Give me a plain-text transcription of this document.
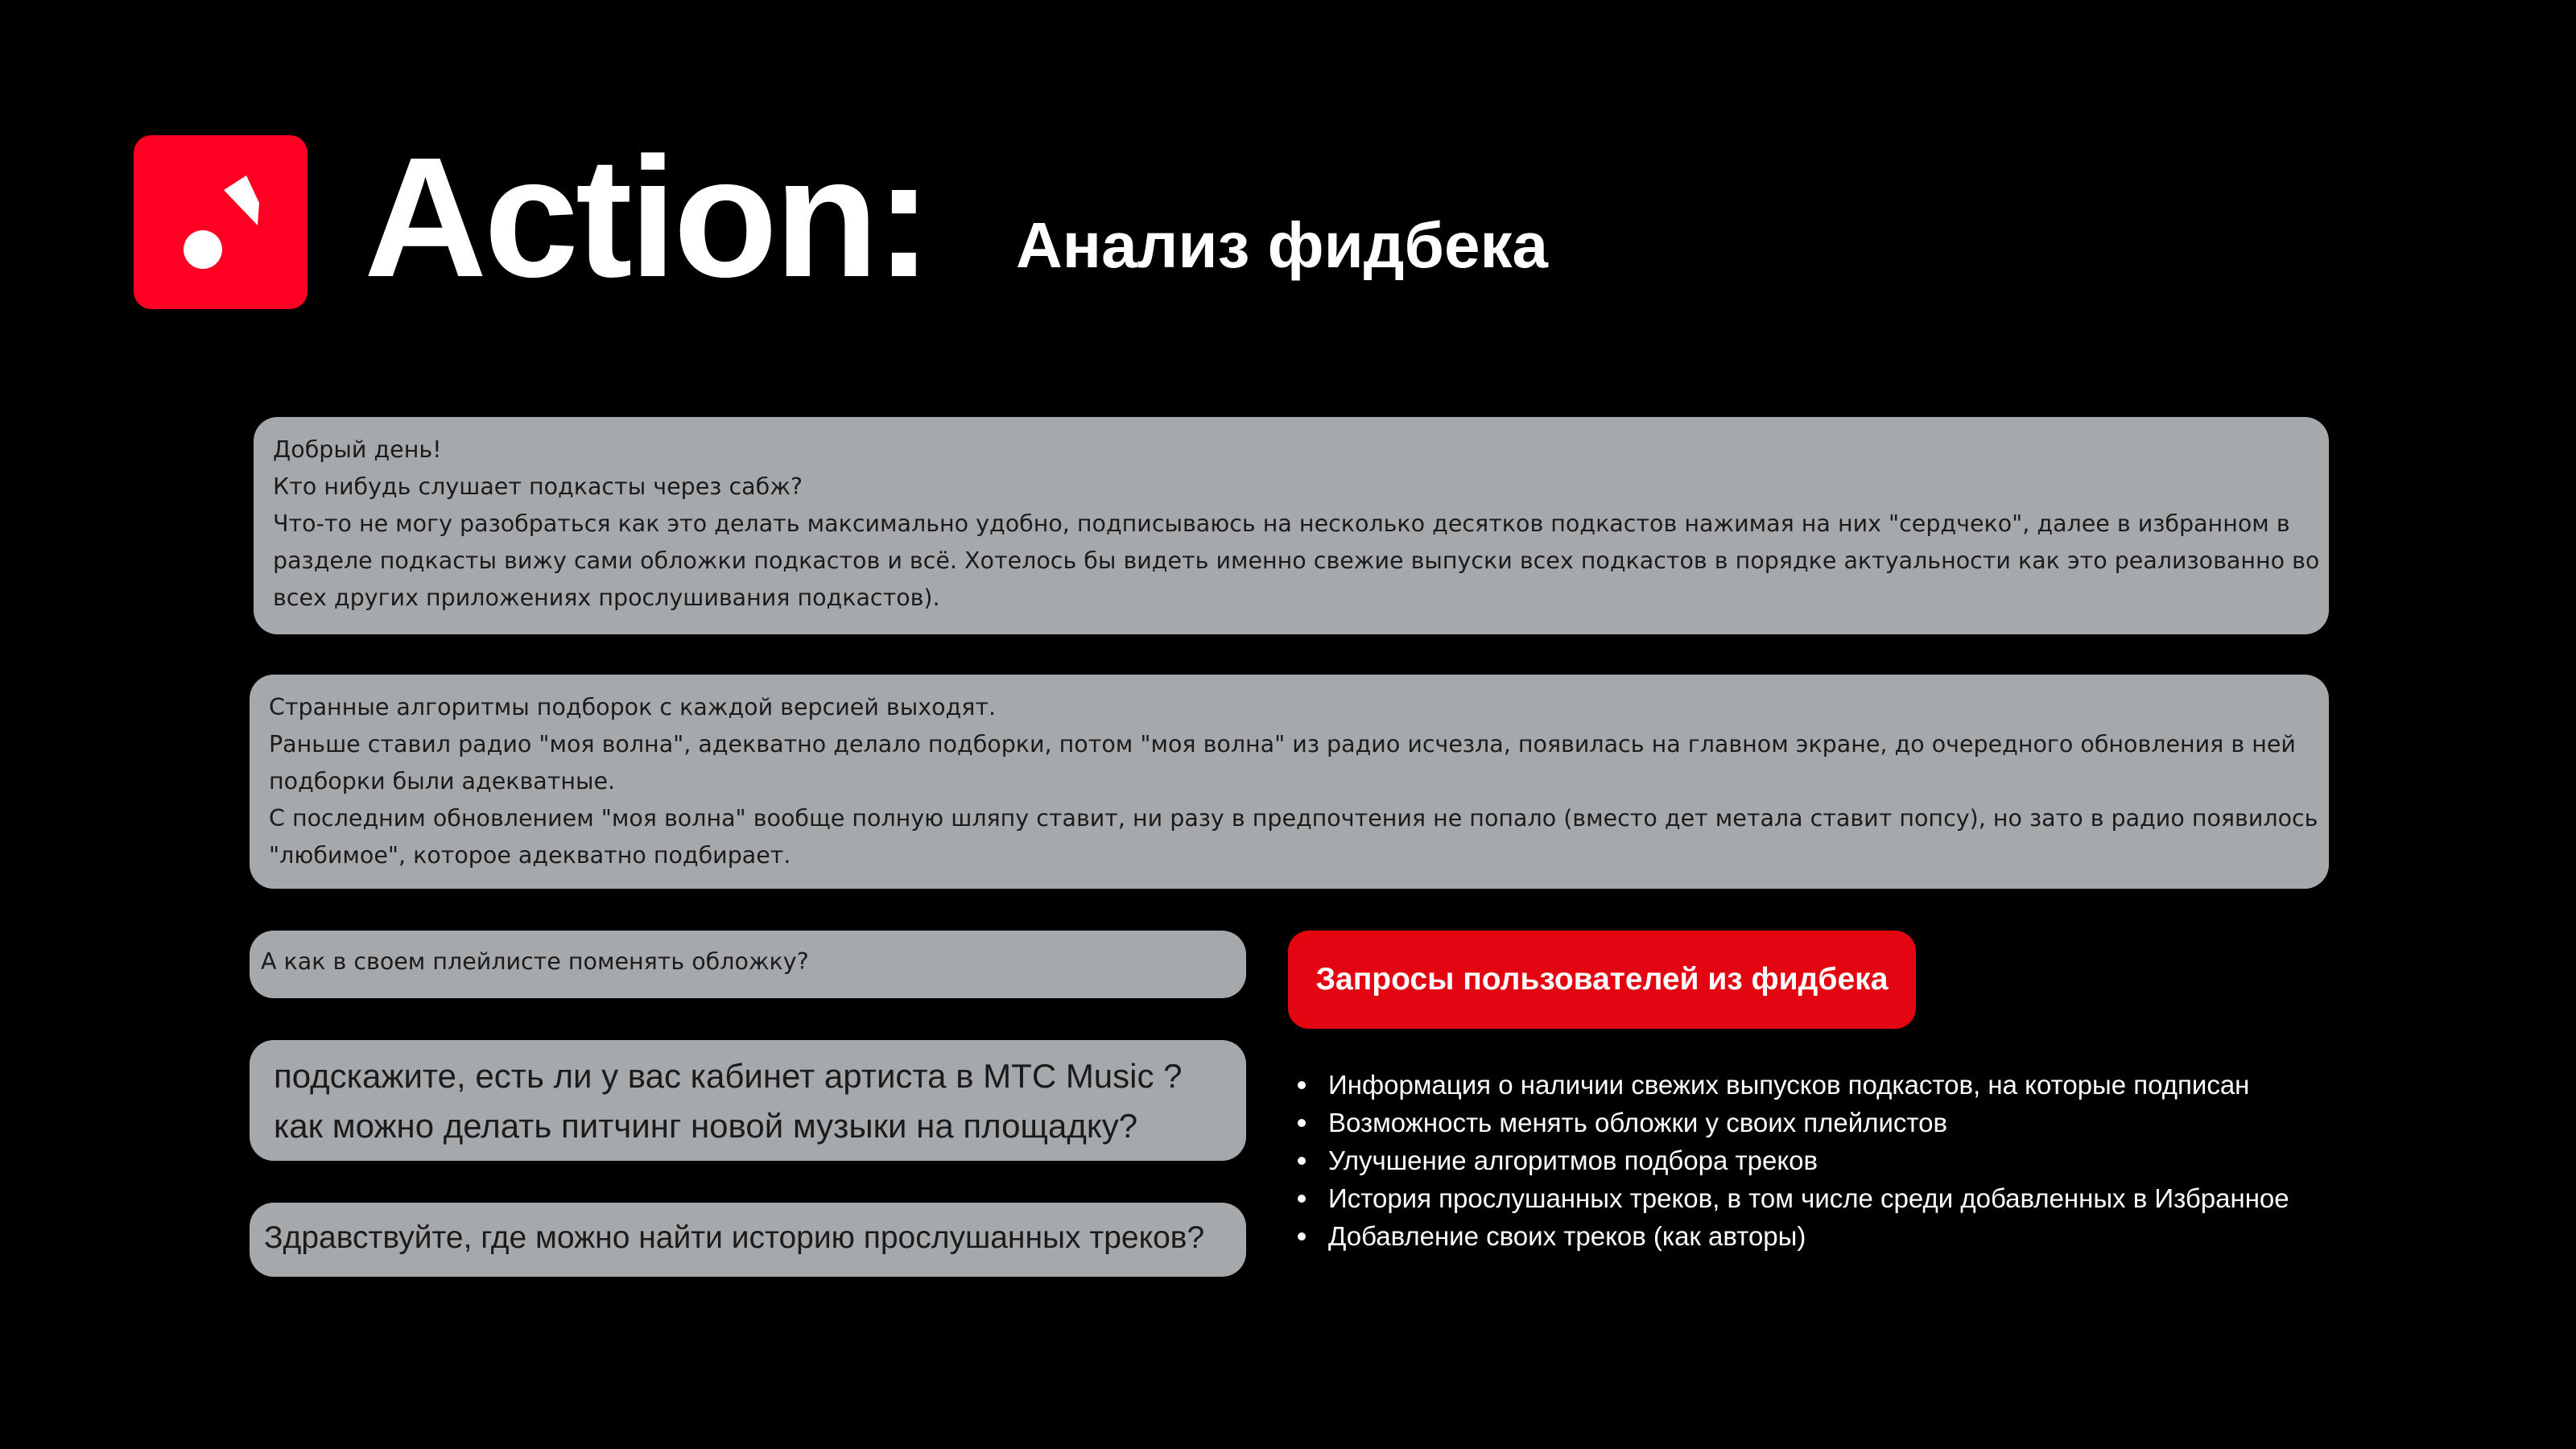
Action: Анализ фидбека

Добрый день!

Кто нибудь слушает подкасты через сабж?

Что-то не могу разобраться как это делать максимально удобно, подписываюсь на несколько десятков подкастов нажимая на них "сердчеко", далее в избранном в

разделе подкасты вижу сами обложки подкастов и всё. Хотелось бы видеть именно свежие выпуски всех подкастов в порядке актуальности как это реализованно во

всех других приложениях прослушивания подкастов).

Странные алгоритмы подборок с каждой версией выходят.

Раньше ставил радио "моя волна", адекватно делало подборки, потом "моя волна" из радио исчезла, появилась на главном экране, до очередного обновления в ней

подборки были адекватные.

С последним обновлением "моя волна" вообще полную шляпу ставит, ни разу в предпочтения не попало (вместо дет метала ставит попсу), но зато в радио появилось

"любимое", которое адекватно подбирает.

А как в своем плейлисте поменять обложку?

подскажите, есть ли у вас кабинет артиста в МТС Music ?

как можно делать питчинг новой музыки на площадку?

Здравствуйте, где можно найти историю прослушанных треков?

Запросы пользователей из фидбека
Информация о наличии свежих выпусков подкастов, на которые подписан
Возможность менять обложки у своих плейлистов
Улучшение алгоритмов подбора треков
История прослушанных треков, в том числе среди добавленных в Избранное
Добавление своих треков (как авторы)
